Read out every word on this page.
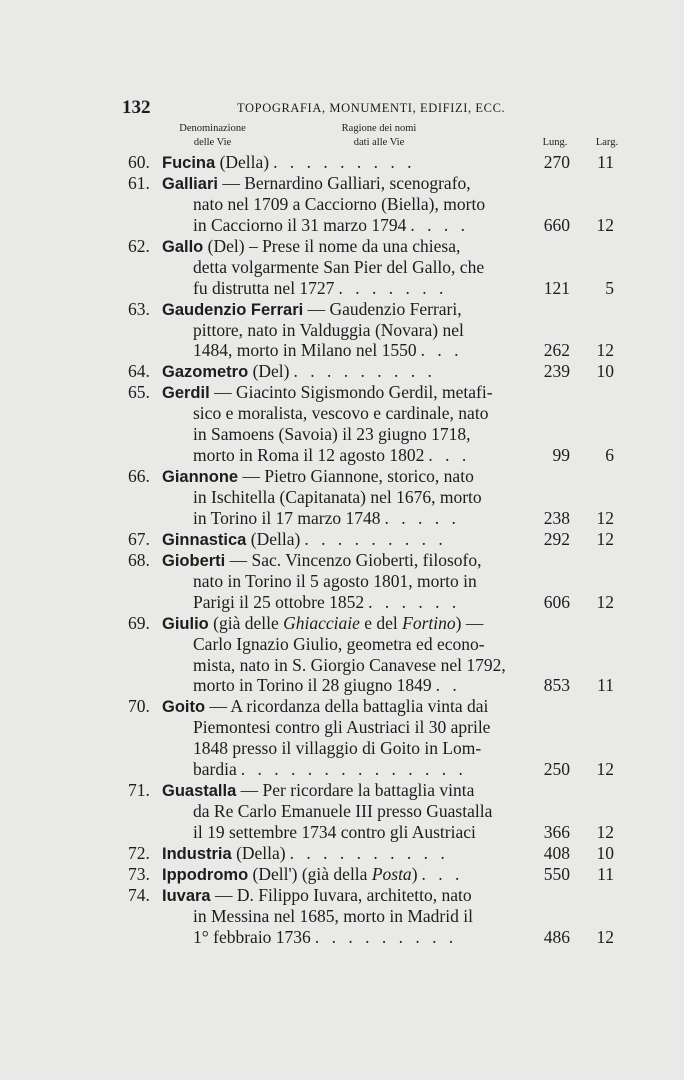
132	TOPOGRAFIA, MONUMENTI, EDIFIZI, ECC.
Denominazione
delle Vie
Ragione dei nomi
dati alle Vie	Lung.	Larg.
60. Fucina (Della) . . . . . . . . .	270	11
61. Galliari — Bernardino Galliari, scenografo,
nato nel 1709 a Cacciorno (Biella), morto
in Cacciorno il 31 marzo 1794 . . . .	660	12
62. Gallo (Del) – Prese il nome da una chiesa,
detta volgarmente San Pier del Gallo, che
fu distrutta nel 1727 . . . . . . .	121	5
63. Gaudenzio Ferrari — Gaudenzio Ferrari,
pittore, nato in Valduggia (Novara) nel
1484, morto in Milano nel 1550 . . .	262	12
64. Gazometro (Del) . . . . . . . . .	239	10
65. Gerdil — Giacinto Sigismondo Gerdil, metafi-
sico e moralista, vescovo e cardinale, nato
in Samoens (Savoia) il 23 giugno 1718,
morto in Roma il 12 agosto 1802 . . .	99	6
66. Giannone — Pietro Giannone, storico, nato
in Ischitella (Capitanata) nel 1676, morto
in Torino il 17 marzo 1748 . . . . .	238	12
67. Ginnastica (Della) . . . . . . . . .	292	12
68. Gioberti — Sac. Vincenzo Gioberti, filosofo,
nato in Torino il 5 agosto 1801, morto in
Parigi il 25 ottobre 1852 . . . . . .	606	12
69. Giulio (già delle Ghiacciaie e del Fortino) —
Carlo Ignazio Giulio, geometra ed econo-
mista, nato in S. Giorgio Canavese nel 1792,
morto in Torino il 28 giugno 1849 . .	853	11
70. Goito — A ricordanza della battaglia vinta dai
Piemontesi contro gli Austriaci il 30 aprile
1848 presso il villaggio di Goito in Lom-
bardia . . . . . . . . . . . . . .	250	12
71. Guastalla — Per ricordare la battaglia vinta
da Re Carlo Emanuele III presso Guastalla
il 19 settembre 1734 contro gli Austriaci	366	12
72. Industria (Della) . . . . . . . . . .	408	10
73. Ippodromo (Dell') (già della Posta) . . .	550	11
74. Iuvara — D. Filippo Iuvara, architetto, nato
in Messina nel 1685, morto in Madrid il
1° febbraio 1736 . . . . . . . . .	486	12
